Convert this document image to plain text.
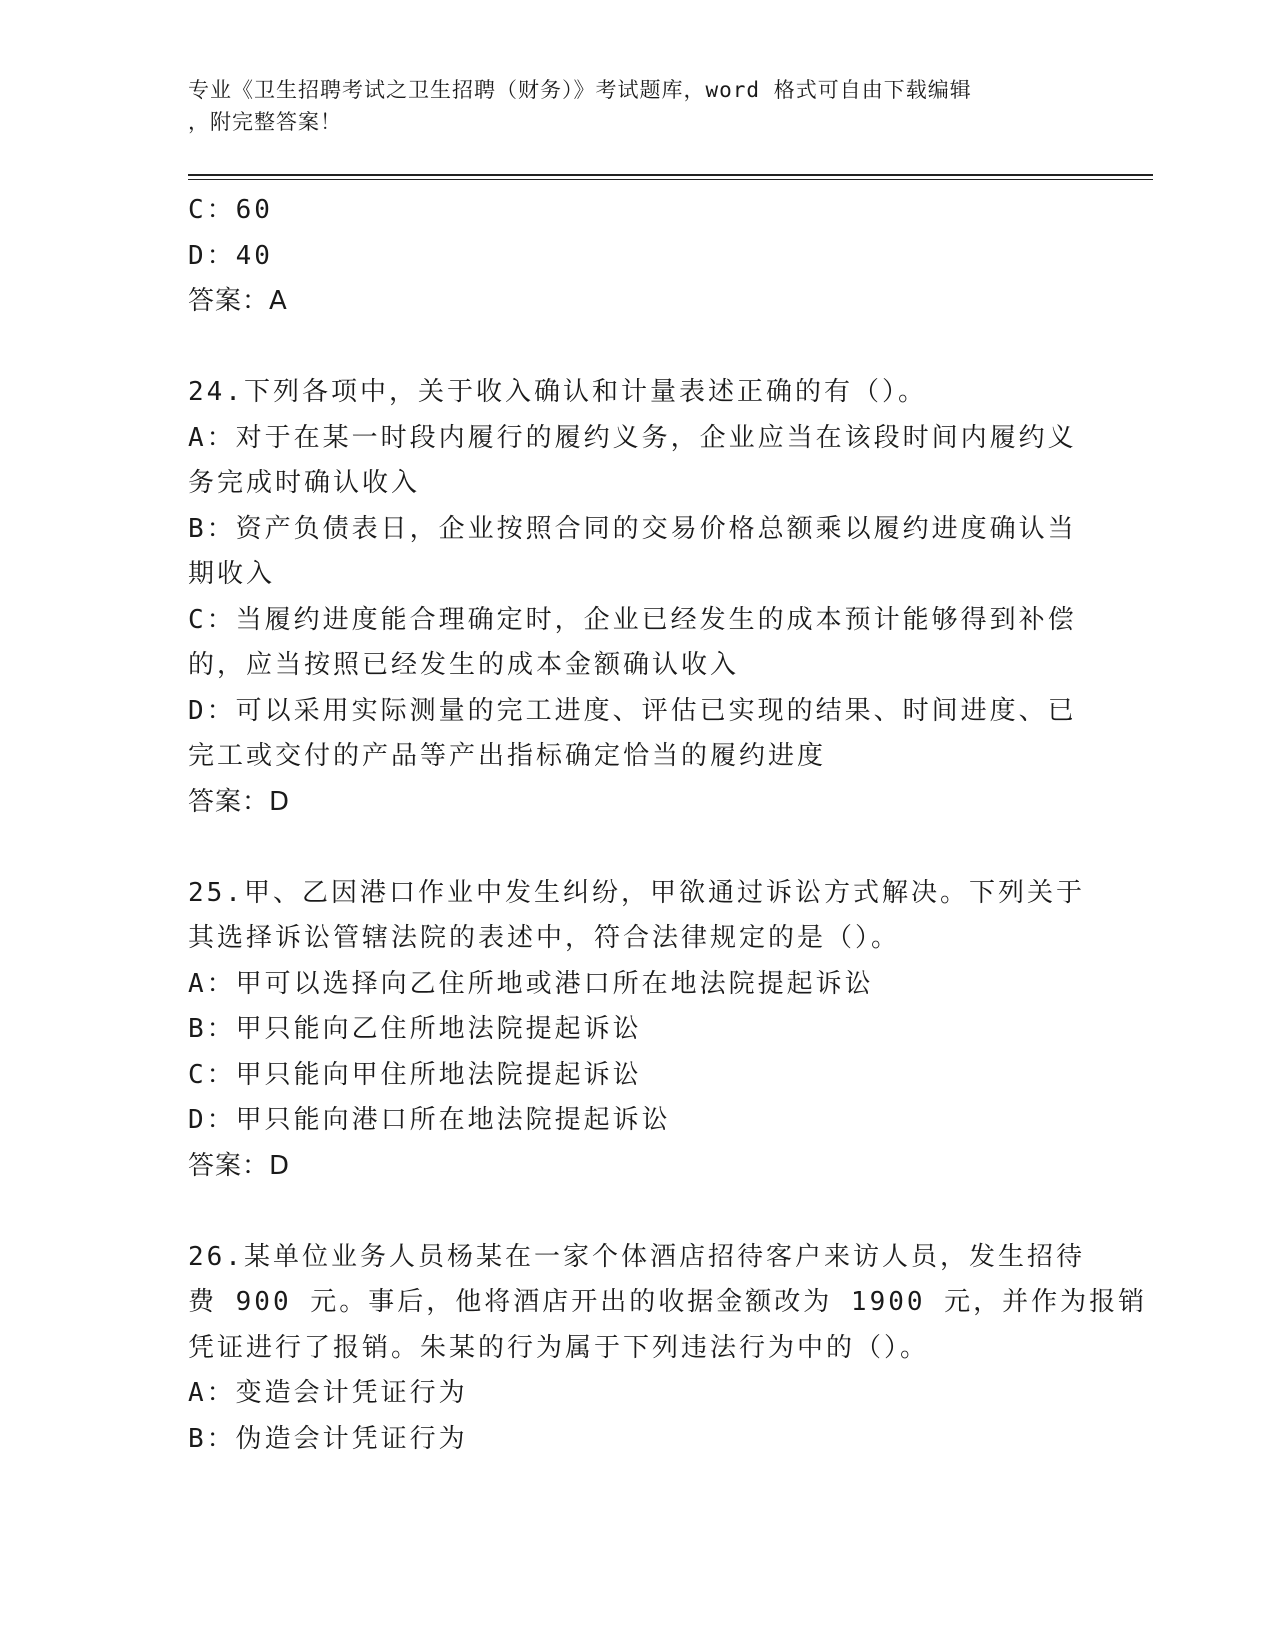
专业《卫生招聘考试之卫生招聘（财务）》考试题库，word 格式可自由下载编辑
，附完整答案！
C：60
D：40
答案：A
24.下列各项中，关于收入确认和计量表述正确的有（）。
A：对于在某一时段内履行的履约义务，企业应当在该段时间内履约义
务完成时确认收入
B：资产负债表日，企业按照合同的交易价格总额乘以履约进度确认当
期收入
C：当履约进度能合理确定时，企业已经发生的成本预计能够得到补偿
的，应当按照已经发生的成本金额确认收入
D：可以采用实际测量的完工进度、评估已实现的结果、时间进度、已
完工或交付的产品等产出指标确定恰当的履约进度
答案：D
25.甲、乙因港口作业中发生纠纷，甲欲通过诉讼方式解决。下列关于
其选择诉讼管辖法院的表述中，符合法律规定的是（）。
A：甲可以选择向乙住所地或港口所在地法院提起诉讼
B：甲只能向乙住所地法院提起诉讼
C：甲只能向甲住所地法院提起诉讼
D：甲只能向港口所在地法院提起诉讼
答案：D
26.某单位业务人员杨某在一家个体酒店招待客户来访人员，发生招待
费 900 元。事后，他将酒店开出的收据金额改为 1900 元，并作为报销
凭证进行了报销。朱某的行为属于下列违法行为中的（）。
A：变造会计凭证行为
B：伪造会计凭证行为
